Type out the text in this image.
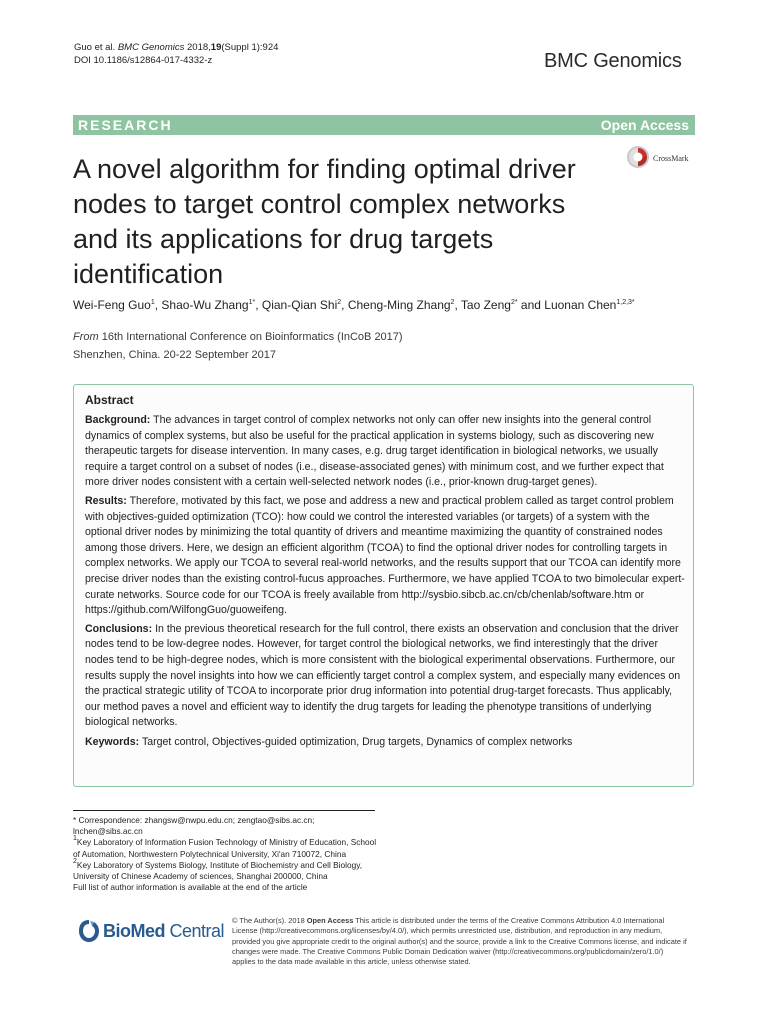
Guo et al. BMC Genomics 2018,19(Suppl 1):924
DOI 10.1186/s12864-017-4332-z	BMC Genomics
RESEARCH	Open Access
A novel algorithm for finding optimal driver nodes to target control complex networks and its applications for drug targets identification
CrossMark
Wei-Feng Guo$^1$, Shao-Wu Zhang$^{1*}$, Qian-Qian Shi$^2$, Cheng-Ming Zhang$^2$, Tao Zeng$^{2*}$ and Luonan Chen$^{1,2,3*}$
From 16th International Conference on Bioinformatics (InCoB 2017)
Shenzhen, China. 20-22 September 2017
Abstract
Background: The advances in target control of complex networks not only can offer new insights into the general control dynamics of complex systems, but also be useful for the practical application in systems biology, such as discovering new therapeutic targets for disease intervention. In many cases, e.g. drug target identification in biological networks, we usually require a target control on a subset of nodes (i.e., disease-associated genes) with minimum cost, and we further expect that more driver nodes consistent with a certain well-selected network nodes (i.e., prior-known drug-target genes).
Results: Therefore, motivated by this fact, we pose and address a new and practical problem called as target control problem with objectives-guided optimization (TCO): how could we control the interested variables (or targets) of a system with the optional driver nodes by minimizing the total quantity of drivers and meantime maximizing the quantity of constrained nodes among those drivers. Here, we design an efficient algorithm (TCOA) to find the optional driver nodes for controlling targets in complex networks. We apply our TCOA to several real-world networks, and the results support that our TCOA can identify more precise driver nodes than the existing control-fucus approaches. Furthermore, we have applied TCOA to two bimolecular expert-curate networks. Source code for our TCOA is freely available from http://sysbio.sibcb.ac.cn/cb/chenlab/software.htm or https://github.com/WilfongGuo/guoweifeng.
Conclusions: In the previous theoretical research for the full control, there exists an observation and conclusion that the driver nodes tend to be low-degree nodes. However, for target control the biological networks, we find interestingly that the driver nodes tend to be high-degree nodes, which is more consistent with the biological experimental observations. Furthermore, our results supply the novel insights into how we can efficiently target control a complex system, and especially many evidences on the practical strategic utility of TCOA to incorporate prior drug information into potential drug-target forecasts. Thus applicably, our method paves a novel and efficient way to identify the drug targets for leading the phenotype transitions of underlying biological networks.
Keywords: Target control, Objectives-guided optimization, Drug targets, Dynamics of complex networks

* Correspondence: zhangsw@nwpu.edu.cn; zengtao@sibs.ac.cn; lnchen@sibs.ac.cn

$^1$Key Laboratory of Information Fusion Technology of Ministry of Education, School of Automation, Northwestern Polytechnical University, Xi'an 710072, China

$^2$Key Laboratory of Systems Biology, Institute of Biochemistry and Cell Biology, University of Chinese Academy of sciences, Shanghai 200000, China

Full list of author information is available at the end of the article

BioMed Central
© The Author(s). 2018 Open Access This article is distributed under the terms of the Creative Commons Attribution 4.0 International License (http://creativecommons.org/licenses/by/4.0/), which permits unrestricted use, distribution, and reproduction in any medium, provided you give appropriate credit to the original author(s) and the source, provide a link to the Creative Commons license, and indicate if changes were made. The Creative Commons Public Domain Dedication waiver (http://creativecommons.org/publicdomain/zero/1.0/) applies to the data made available in this article, unless otherwise stated.
